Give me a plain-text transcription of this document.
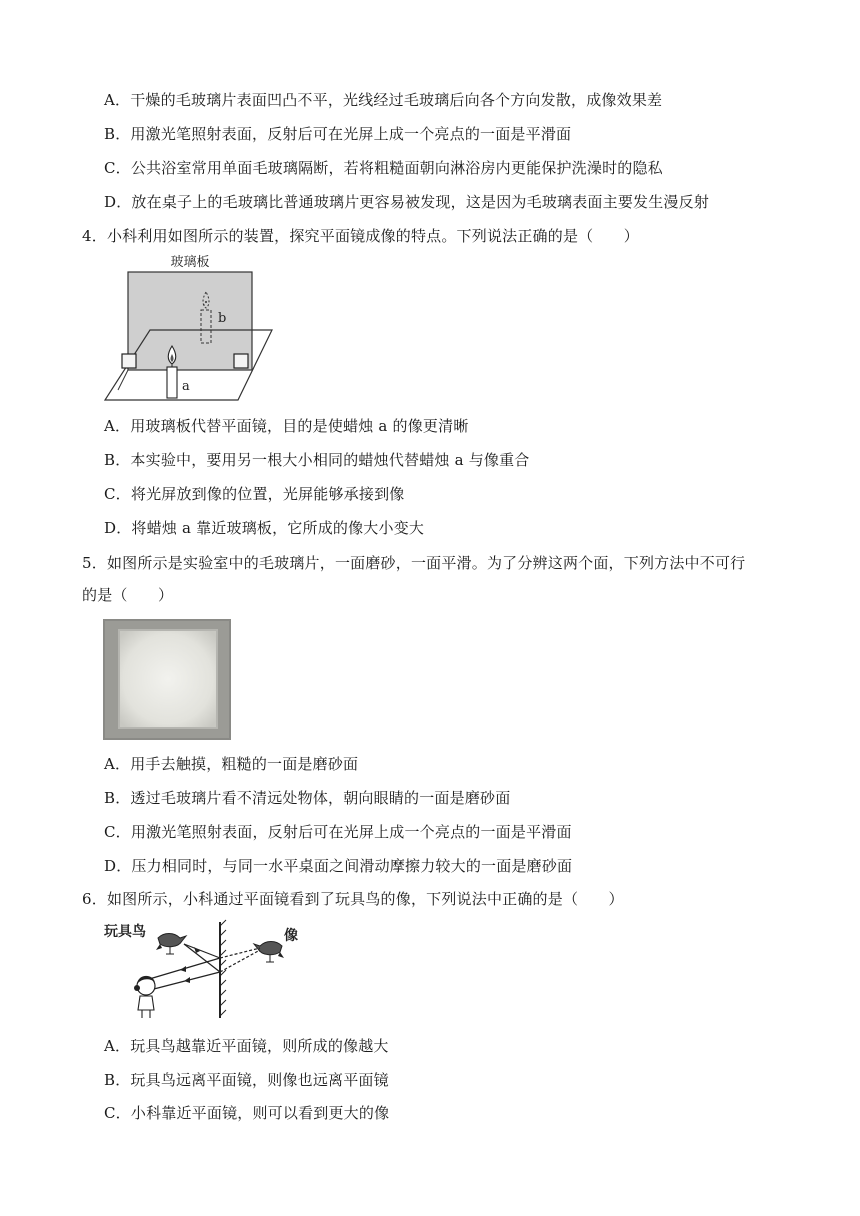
A．干燥的毛玻璃片表面凹凸不平，光线经过毛玻璃后向各个方向发散，成像效果差
B．用激光笔照射表面，反射后可在光屏上成一个亮点的一面是平滑面
C．公共浴室常用单面毛玻璃隔断，若将粗糙面朝向淋浴房内更能保护洗澡时的隐私
D．放在桌子上的毛玻璃比普通玻璃片更容易被发现，这是因为毛玻璃表面主要发生漫反射
4．小科利用如图所示的装置，探究平面镜成像的特点。下列说法正确的是（　　）
玻璃板
b
a
A．用玻璃板代替平面镜，目的是使蜡烛 a 的像更清晰
B．本实验中，要用另一根大小相同的蜡烛代替蜡烛 a 与像重合
C．将光屏放到像的位置，光屏能够承接到像
D．将蜡烛 a 靠近玻璃板，它所成的像大小变大
5．如图所示是实验室中的毛玻璃片，一面磨砂，一面平滑。为了分辨这两个面，下列方法中不可行
的是（　　）
A．用手去触摸，粗糙的一面是磨砂面
B．透过毛玻璃片看不清远处物体，朝向眼睛的一面是磨砂面
C．用激光笔照射表面，反射后可在光屏上成一个亮点的一面是平滑面
D．压力相同时，与同一水平桌面之间滑动摩擦力较大的一面是磨砂面
6．如图所示，小科通过平面镜看到了玩具鸟的像，下列说法中正确的是（　　）
玩具鸟	像
A．玩具鸟越靠近平面镜，则所成的像越大
B．玩具鸟远离平面镜，则像也远离平面镜
C．小科靠近平面镜，则可以看到更大的像
